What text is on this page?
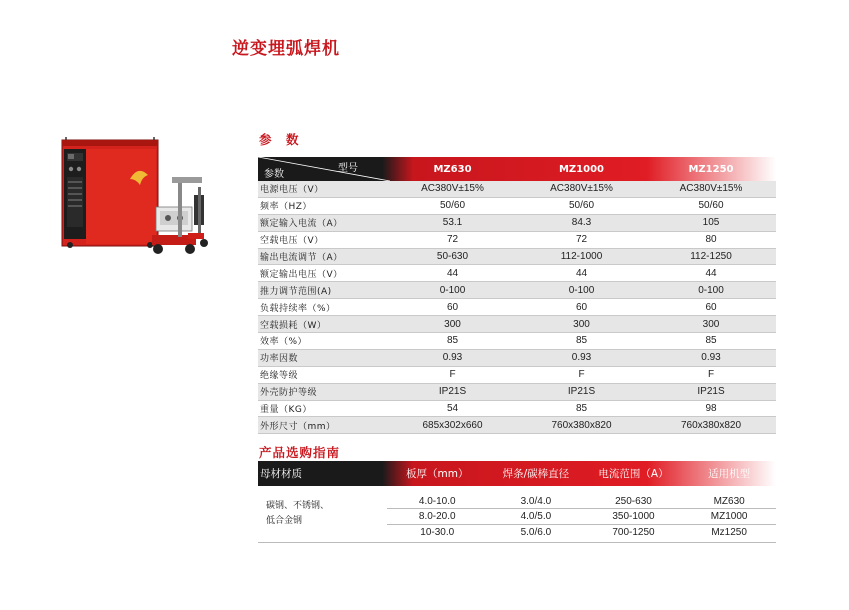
逆变埋弧焊机
参　数
型号
参数	MZ630	MZ1000	MZ1250
电源电压（V）	AC380V±15%	AC380V±15%	AC380V±15%
频率（HZ）	50/60	50/60	50/60
额定输入电流（A）	53.1	84.3	105
空载电压（V）	72	72	80
输出电流调节（A）	50-630	112-1000	112-1250
额定输出电压（V）	44	44	44
推力调节范围(A)	0-100	0-100	0-100
负载持续率（%）	60	60	60
空载损耗（W）	300	300	300
效率（%）	85	85	85
功率因数	0.93	0.93	0.93
绝缘等级	F	F	F
外壳防护等级	IP21S	IP21S	IP21S
重量（KG）	54	85	98
外形尺寸（mm）	685x302x660	760x380x820	760x380x820
产品选购指南
母材材质	板厚（mm）	焊条/碳棒直径	电流范围（A）	适用机型

碳钢、不锈钢、
低合金钢	4.0-10.0	3.0/4.0	250-630	MZ630
	8.0-20.0	4.0/5.0	350-1000	MZ1000
	10-30.0	5.0/6.0	700-1250	Mz1250
